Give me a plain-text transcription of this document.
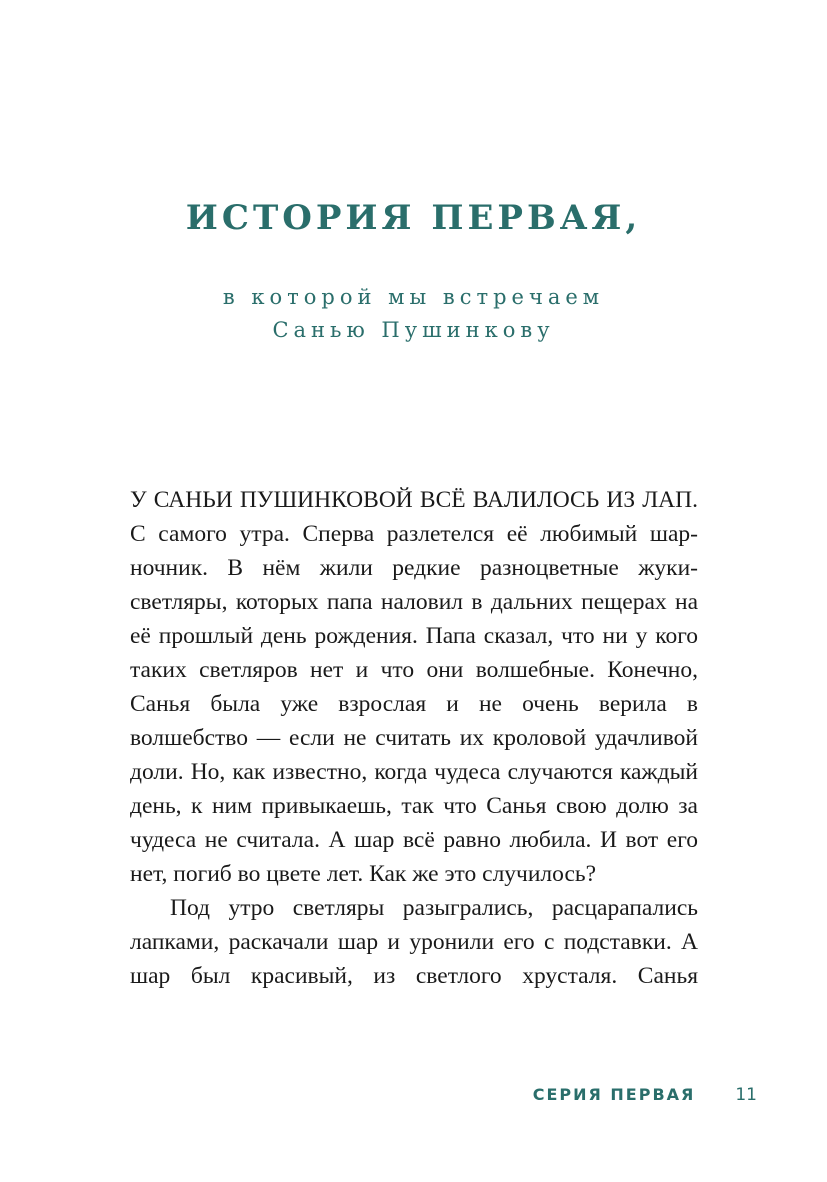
ИСТОРИЯ ПЕРВАЯ,
в которой мы встречаем
Санью Пушинкову

У САНЬИ ПУШИНКОВОЙ ВСЁ ВАЛИЛОСЬ ИЗ ЛАП. С самого утра. Сперва разлетелся её любимый шарночник. В нём жили редкие разноцветные жуки-светляры, которых папа наловил в дальних пещерах на её прошлый день рождения. Папа сказал, что ни у кого таких светляров нет и что они волшебные. Конечно, Санья была уже взрослая и не очень верила в волшебство — если не считать их кроловой удачливой доли. Но, как известно, когда чудеса случаются каждый день, к ним привыкаешь, так что Санья свою долю за чудеса не считала. А шар всё равно любила. И вот его нет, погиб во цвете лет. Как же это случилось?

Под утро светляры разыгрались, расцарапались лапками, раскачали шар и уронили его с подставки. А шар был красивый, из светлого хрусталя. Санья

СЕРИЯ ПЕРВАЯ 11
